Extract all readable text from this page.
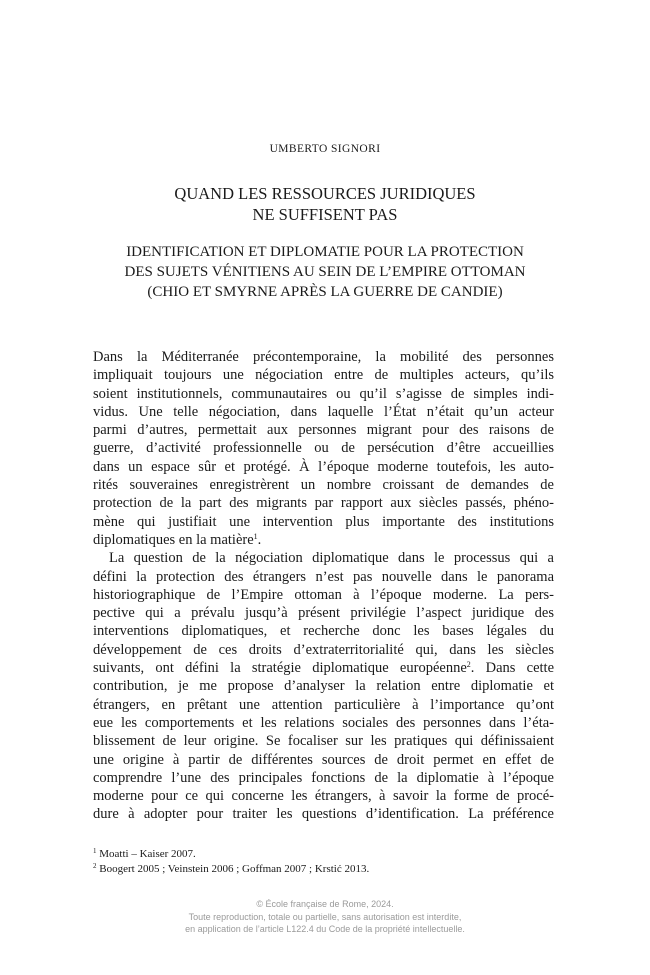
UMBERTO SIGNORI
QUAND LES RESSOURCES JURIDIQUES
NE SUFFISENT PAS
IDENTIFICATION ET DIPLOMATIE POUR LA PROTECTION
DES SUJETS VÉNITIENS AU SEIN DE L’EMPIRE OTTOMAN
(CHIO ET SMYRNE APRÈS LA GUERRE DE CANDIE)
Dans la Méditerranée précontemporaine, la mobilité des personnes
impliquait toujours une négociation entre de multiples acteurs, qu’ils
soient institutionnels, communautaires ou qu’il s’agisse de simples indi-
vidus. Une telle négociation, dans laquelle l’État n’était qu’un acteur
parmi d’autres, permettait aux personnes migrant pour des raisons de
guerre, d’activité professionnelle ou de persécution d’être accueillies
dans un espace sûr et protégé. À l’époque moderne toutefois, les auto-
rités souveraines enregistrèrent un nombre croissant de demandes de
protection de la part des migrants par rapport aux siècles passés, phéno-
mène qui justifiait une intervention plus importante des institutions
diplomatiques en la matière$^1$.
La question de la négociation diplomatique dans le processus qui a
défini la protection des étrangers n’est pas nouvelle dans le panorama
historiographique de l’Empire ottoman à l’époque moderne. La pers-
pective qui a prévalu jusqu’à présent privilégie l’aspect juridique des
interventions diplomatiques, et recherche donc les bases légales du
développement de ces droits d’extraterritorialité qui, dans les siècles
suivants, ont défini la stratégie diplomatique européenne$^2$. Dans cette
contribution, je me propose d’analyser la relation entre diplomatie et
étrangers, en prêtant une attention particulière à l’importance qu’ont
eue les comportements et les relations sociales des personnes dans l’éta-
blissement de leur origine. Se focaliser sur les pratiques qui définissaient
une origine à partir de différentes sources de droit permet en effet de
comprendre l’une des principales fonctions de la diplomatie à l’époque
moderne pour ce qui concerne les étrangers, à savoir la forme de procé-
dure à adopter pour traiter les questions d’identification. La préférence
$^1$ Moatti – Kaiser 2007.
$^2$ Boogert 2005 ; Veinstein 2006 ; Goffman 2007 ; Krstić 2013.
© École française de Rome, 2024.
Toute reproduction, totale ou partielle, sans autorisation est interdite,
en application de l’article L122.4 du Code de la propriété intellectuelle.
